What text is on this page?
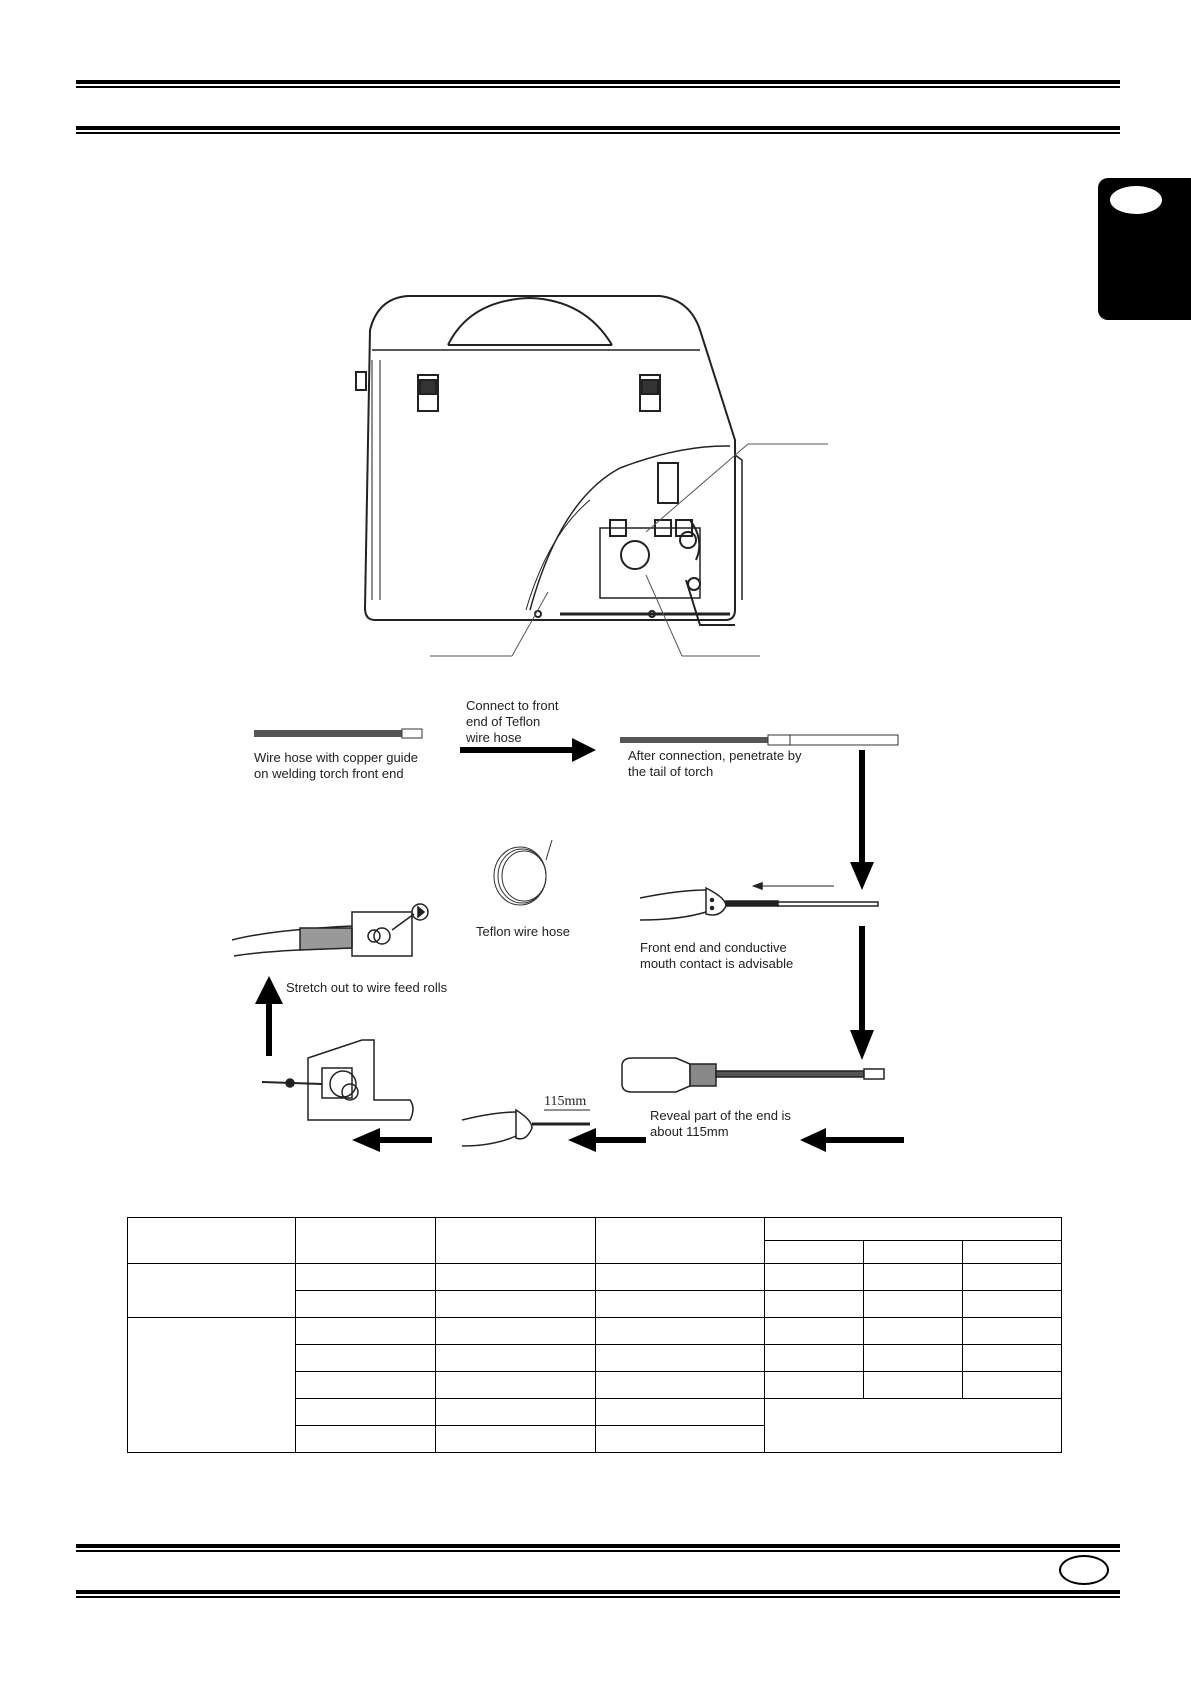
Wire hose with copper guide
on welding torch front end
Connect to front
end of Teflon
wire hose
After connection, penetrate by
the tail of torch
Teflon wire hose
Front end and conductive
mouth contact is advisable
Stretch out to wire feed rolls
Reveal part of the end is
about 115mm
115mm
